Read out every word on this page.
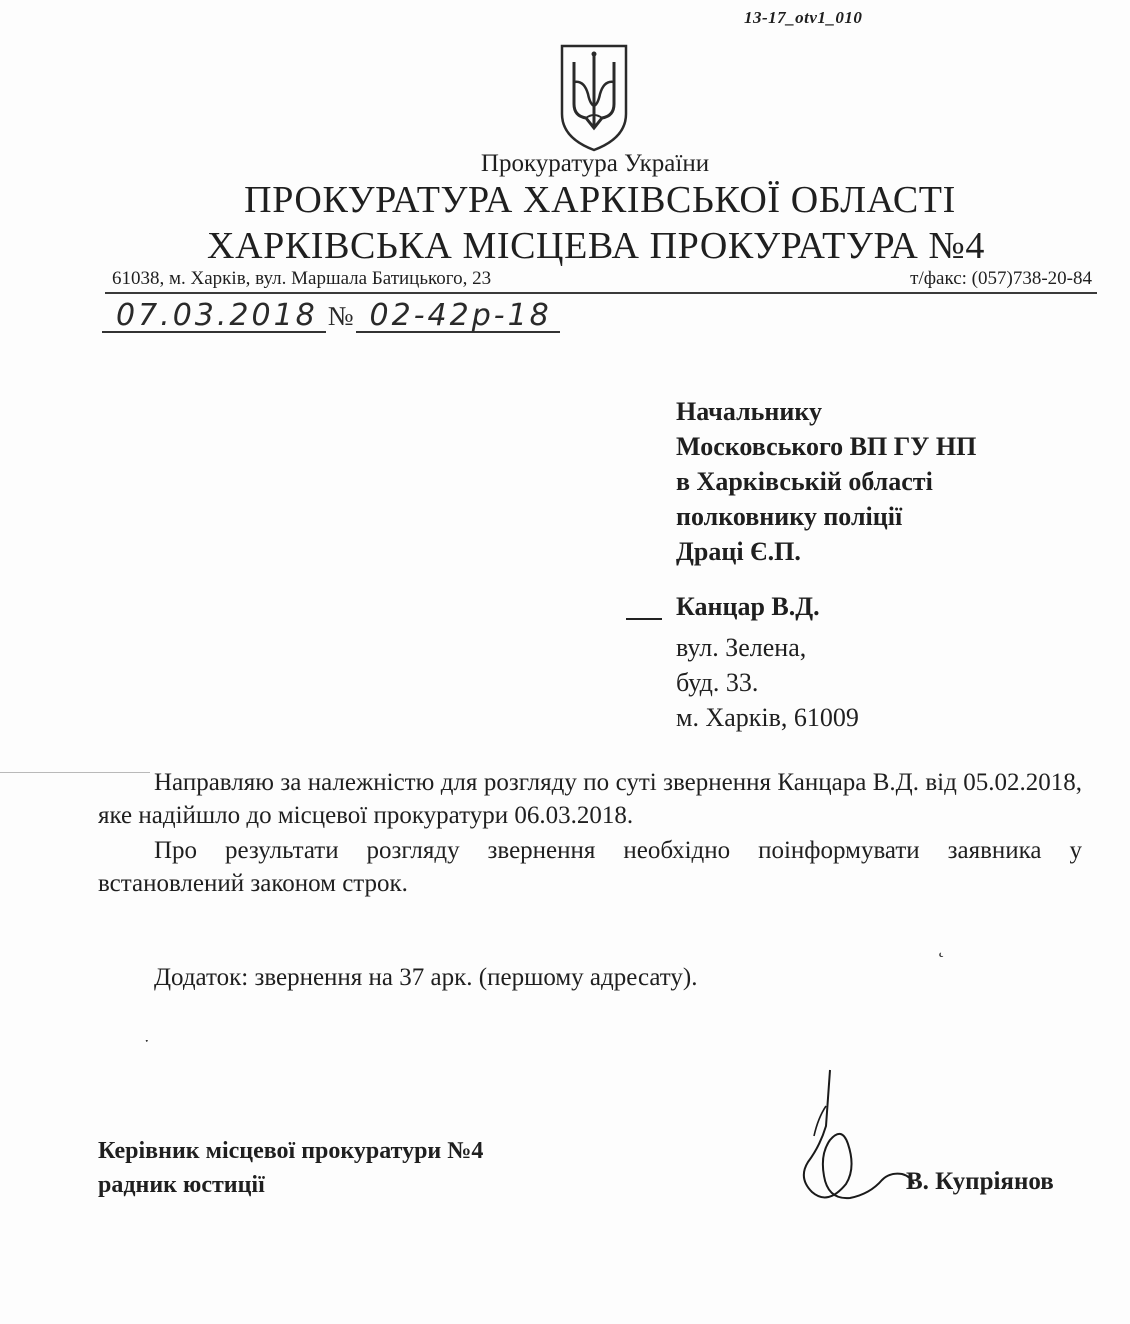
13-17_otv1_010
Прокуратура України
ПРОКУРАТУРА ХАРКІВСЬКОЇ ОБЛАСТІ
ХАРКІВСЬКА МІСЦЕВА ПРОКУРАТУРА №4
61038, м. Харків, вул. Маршала Батицького, 23	т/факс: (057)738-20-84
07.03.2018 № 02-42р-18
Начальнику
Московського ВП ГУ НП
в Харківській області
полковнику поліції
Драці Є.П.
Канцар В.Д.
вул. Зелена,
буд. 33.
м. Харків, 61009
Направляю за належністю для розгляду по суті звернення Канцара В.Д. від 05.02.2018, яке надійшло до місцевої прокуратури 06.03.2018.
Про результати розгляду звернення необхідно поінформувати заявника у встановлений законом строк.
Додаток: звернення на 37 арк. (першому адресату).
˛
ˑ
Керівник місцевої прокуратури №4
радник юстиції	В. Купріянов
